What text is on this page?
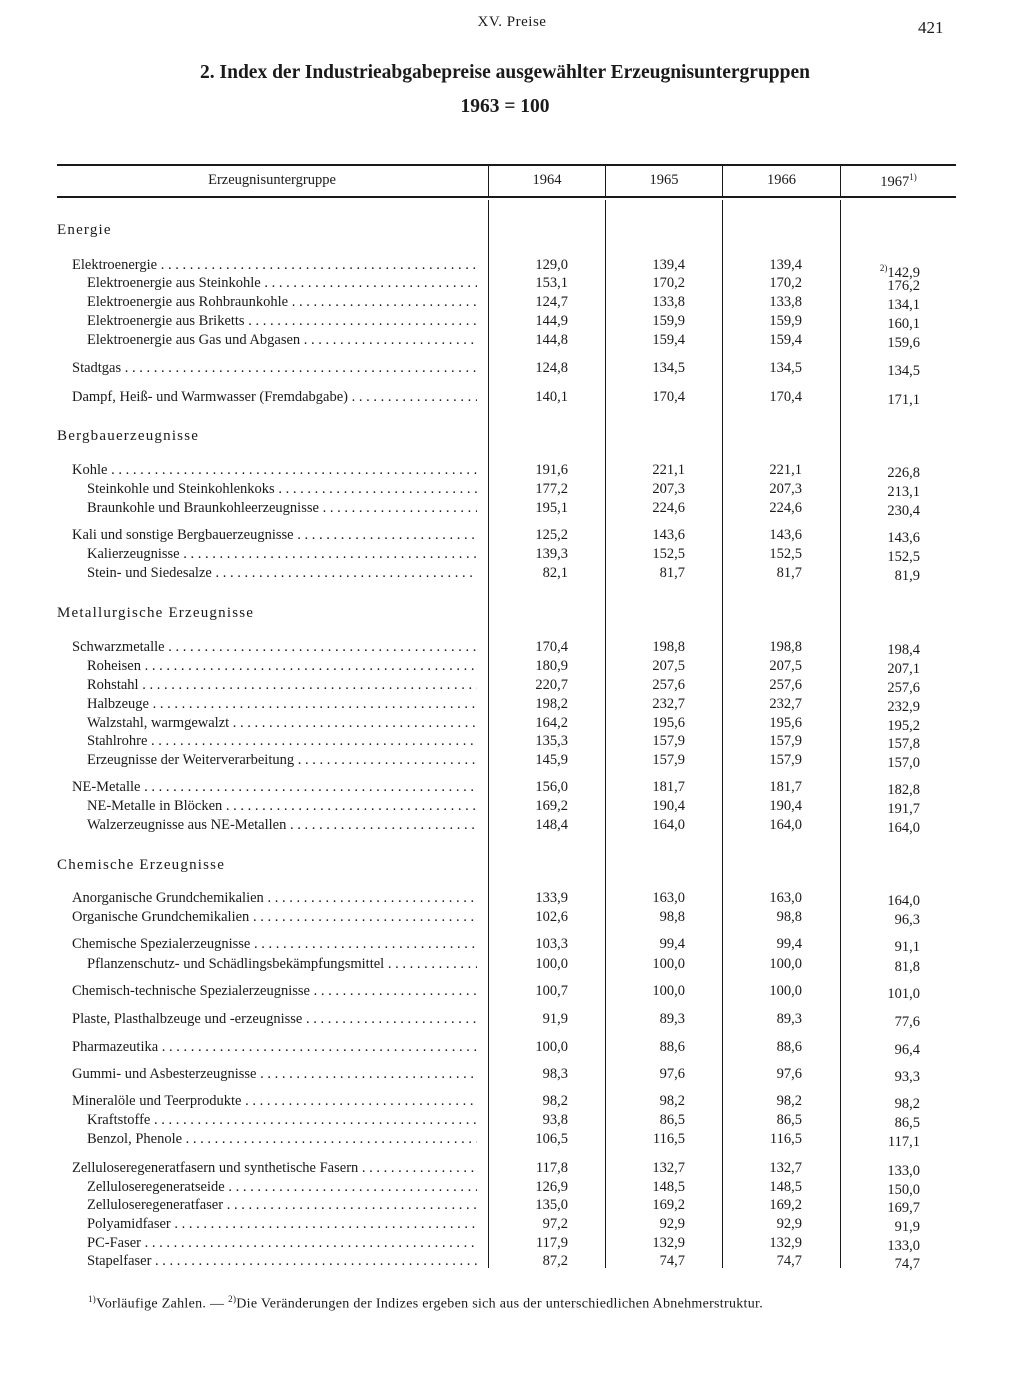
XV. Preise	421
2. Index der Industrieabgabepreise ausgewählter Erzeugnisuntergruppen
1963 = 100
Erzeugnisuntergruppe	1964	1965	1966	1967$^{1)}$
Energie
Bergbauerzeugnisse
Metallurgische Erzeugnisse
Chemische Erzeugnisse
Elektroenergie . . .	129,0	139,4	139,4	$^{2)}$142,9
Elektroenergie aus Steinkohle . . .	153,1	170,2	170,2	176,2
Elektroenergie aus Rohbraunkohle . . .	124,7	133,8	133,8	134,1
Elektroenergie aus Briketts . . .	144,9	159,9	159,9	160,1
Elektroenergie aus Gas und Abgasen . . .	144,8	159,4	159,4	159,6
Stadtgas . . .	124,8	134,5	134,5	134,5
Dampf, Heiß- und Warmwasser (Fremdabgabe) . . .	140,1	170,4	170,4	171,1
Kohle . . .	191,6	221,1	221,1	226,8
Steinkohle und Steinkohlenkoks . . .	177,2	207,3	207,3	213,1
Braunkohle und Braunkohleerzeugnisse . . .	195,1	224,6	224,6	230,4
Kali und sonstige Bergbauerzeugnisse . . .	125,2	143,6	143,6	143,6
Kalierzeugnisse . . .	139,3	152,5	152,5	152,5
Stein- und Siedesalze . . .	82,1	81,7	81,7	81,9
Schwarzmetalle . . .	170,4	198,8	198,8	198,4
Roheisen . . .	180,9	207,5	207,5	207,1
Rohstahl . . .	220,7	257,6	257,6	257,6
Halbzeuge . . .	198,2	232,7	232,7	232,9
Walzstahl, warmgewalzt . . .	164,2	195,6	195,6	195,2
Stahlrohre . . .	135,3	157,9	157,9	157,8
Erzeugnisse der Weiterverarbeitung . . .	145,9	157,9	157,9	157,0
NE-Metalle . . .	156,0	181,7	181,7	182,8
NE-Metalle in Blöcken . . .	169,2	190,4	190,4	191,7
Walzerzeugnisse aus NE-Metallen . . .	148,4	164,0	164,0	164,0
Anorganische Grundchemikalien . . .	133,9	163,0	163,0	164,0
Organische Grundchemikalien . . .	102,6	98,8	98,8	96,3
Chemische Spezialerzeugnisse . . .	103,3	99,4	99,4	91,1
Pflanzenschutz- und Schädlingsbekämpfungsmittel . . .	100,0	100,0	100,0	81,8
Chemisch-technische Spezialerzeugnisse . . .	100,7	100,0	100,0	101,0
Plaste, Plasthalbzeuge und -erzeugnisse . . .	91,9	89,3	89,3	77,6
Pharmazeutika . . .	100,0	88,6	88,6	96,4
Gummi- und Asbesterzeugnisse . . .	98,3	97,6	97,6	93,3
Mineralöle und Teerprodukte . . .	98,2	98,2	98,2	98,2
Kraftstoffe . . .	93,8	86,5	86,5	86,5
Benzol, Phenole . . .	106,5	116,5	116,5	117,1
Zelluloseregeneratfasern und synthetische Fasern . . .	117,8	132,7	132,7	133,0
Zelluloseregeneratseide . . .	126,9	148,5	148,5	150,0
Zelluloseregeneratfaser . . .	135,0	169,2	169,2	169,7
Polyamidfaser . . .	97,2	92,9	92,9	91,9
PC-Faser . . .	117,9	132,9	132,9	133,0
Stapelfaser . . .	87,2	74,7	74,7	74,7
$^{1)}$Vorläufige Zahlen. — $^{2)}$Die Veränderungen der Indizes ergeben sich aus der unterschiedlichen Abnehmerstruktur.
